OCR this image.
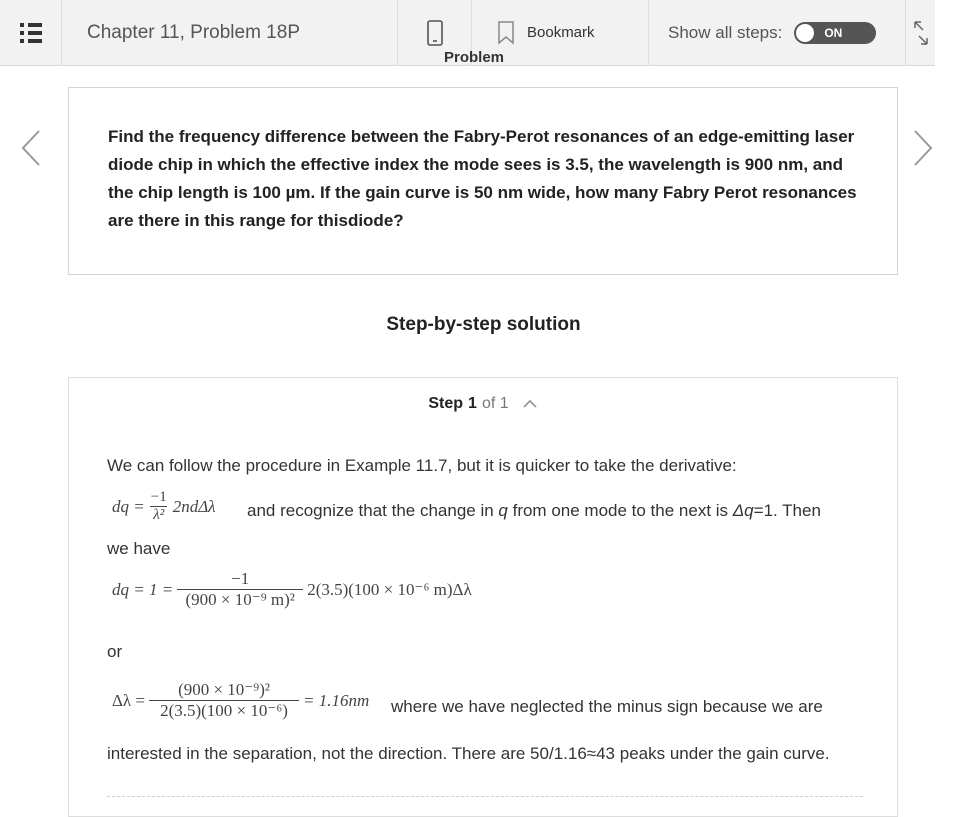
Chapter 11, Problem 18P	Bookmark	Show all steps:	ON
Problem

Find the frequency difference between the Fabry-Perot resonances of an edge-emitting laser diode chip in which the effective index the mode sees is 3.5, the wavelength is 900 nm, and the chip length is 100 µm. If the gain curve is 50 nm wide, how many Fabry Perot resonances are there in this range for thisdiode?

Step-by-step solution
Step 1 of 1
We can follow the procedure in Example 11.7, but it is quicker to take the derivative:
dq = $\frac{-1}{\text{λ²}} 2nd\Delta\lambda$ and recognize that the change in q from one mode to the next is Δq=1. Then
we have
dq = $1 = \frac{-1}{\text{(900 × 10⁻⁹ m)²}} 2(3.5)(100 \times 10^{-6}$ m)Δλ
or
$\Delta\lambda = \frac{\text{(900 × 10⁻⁹)²}}{\text{2(3.5)(100 × 10⁻⁶)}} = 1.16nm$ where we have neglected the minus sign because we are
interested in the separation, not the direction. There are 50/1.16≈43 peaks under the gain curve.
